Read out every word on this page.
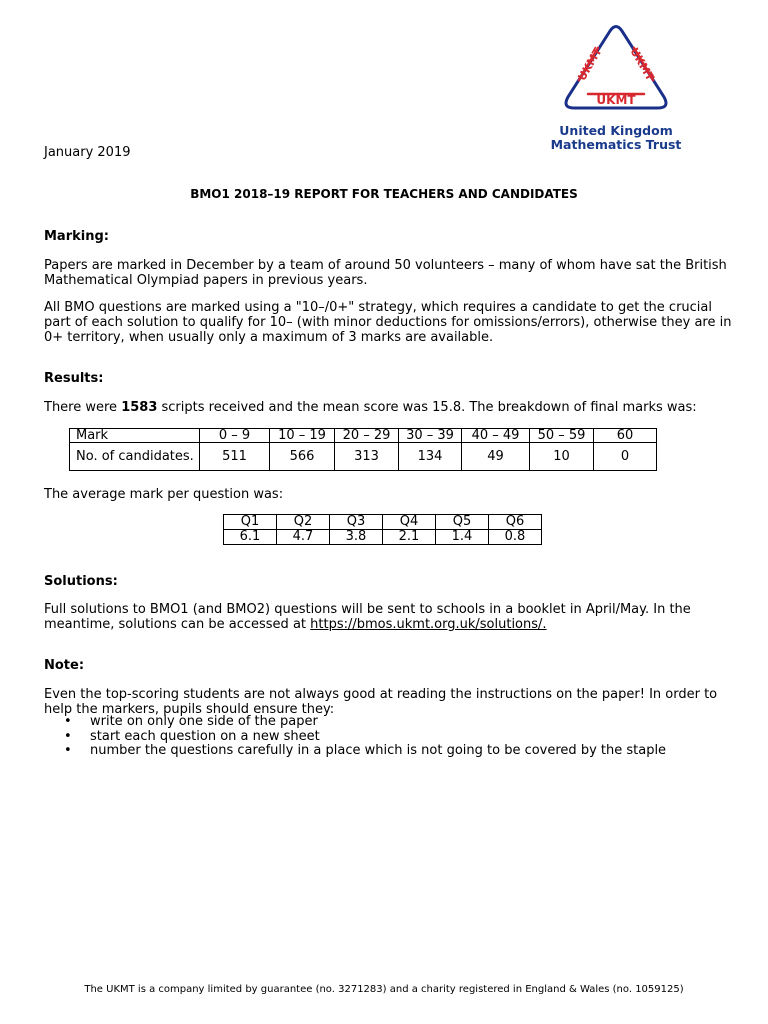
UKMT UKMT
UKMT
United Kingdom
Mathematics Trust
January 2019
BMO1 2018–19 REPORT FOR TEACHERS AND CANDIDATES
Marking:
Papers are marked in December by a team of around 50 volunteers – many of whom have sat the British Mathematical Olympiad papers in previous years.
All BMO questions are marked using a "10–/0+" strategy, which requires a candidate to get the crucial part of each solution to qualify for 10– (with minor deductions for omissions/errors), otherwise they are in 0+ territory, when usually only a maximum of 3 marks are available.
Results:
There were 1583 scripts received and the mean score was 15.8. The breakdown of final marks was:
Mark	0 – 9	10 – 19	20 – 29	30 – 39	40 – 49	50 – 59	60
No. of candidates.	511	566	313	134	49	10	0
The average mark per question was:
Q1	Q2	Q3	Q4	Q5	Q6
6.1	4.7	3.8	2.1	1.4	0.8
Solutions:
Full solutions to BMO1 (and BMO2) questions will be sent to schools in a booklet in April/May. In the meantime, solutions can be accessed at https://bmos.ukmt.org.uk/solutions/.
Note:
Even the top-scoring students are not always good at reading the instructions on the paper! In order to help the markers, pupils should ensure they:
• write on only one side of the paper
• start each question on a new sheet
• number the questions carefully in a place which is not going to be covered by the staple
The UKMT is a company limited by guarantee (no. 3271283) and a charity registered in England & Wales (no. 1059125)
